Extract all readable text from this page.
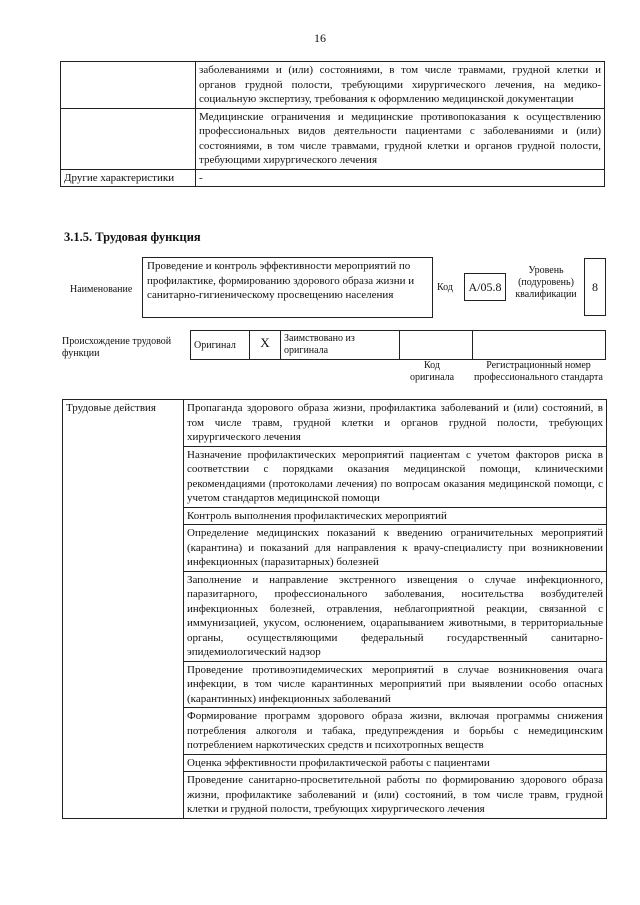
16
	заболеваниями и (или) состояниями, в том числе травмами, грудной клетки и органов грудной полости, требующими хирургического лечения, на медико-социальную экспертизу, требования к оформлению медицинской документации
	Медицинские ограничения и медицинские противопоказания к осуществлению профессиональных видов деятельности пациентами с заболеваниями и (или) состояниями, в том числе травмами, грудной клетки и органов грудной полости, требующими хирургического лечения
Другие характеристики	-
3.1.5. Трудовая функция
Наименование
Проведение и контроль эффективности мероприятий по профилактике, формированию здорового образа жизни и санитарно-гигиеническому просвещению населения
Код	A/05.8
Уровень (подуровень) квалификации
8
Происхождение трудовой функции
Оригинал	X	Заимствовано из оригинала		
Код оригинала
Регистрационный номер профессионального стандарта
Трудовые действия	Пропаганда здорового образа жизни, профилактика заболеваний и (или) состояний, в том числе травм, грудной клетки и органов грудной полости, требующих хирургического лечения
Назначение профилактических мероприятий пациентам с учетом факторов риска в соответствии с порядками оказания медицинской помощи, клиническими рекомендациями (протоколами лечения) по вопросам оказания медицинской помощи, с учетом стандартов медицинской помощи
Контроль выполнения профилактических мероприятий
Определение медицинских показаний к введению ограничительных мероприятий (карантина) и показаний для направления к врачу-специалисту при возникновении инфекционных (паразитарных) болезней
Заполнение и направление экстренного извещения о случае инфекционного, паразитарного, профессионального заболевания, носительства возбудителей инфекционных болезней, отравления, неблагоприятной реакции, связанной с иммунизацией, укусом, ослюнением, оцарапыванием животными, в территориальные органы, осуществляющими федеральный государственный санитарно-эпидемиологический надзор
Проведение противоэпидемических мероприятий в случае возникновения очага инфекции, в том числе карантинных мероприятий при выявлении особо опасных (карантинных) инфекционных заболеваний
Формирование программ здорового образа жизни, включая программы снижения потребления алкоголя и табака, предупреждения и борьбы с немедицинским потреблением наркотических средств и психотропных веществ
Оценка эффективности профилактической работы с пациентами
Проведение санитарно-просветительной работы по формированию здорового образа жизни, профилактике заболеваний и (или) состояний, в том числе травм, грудной клетки и грудной полости, требующих хирургического лечения
